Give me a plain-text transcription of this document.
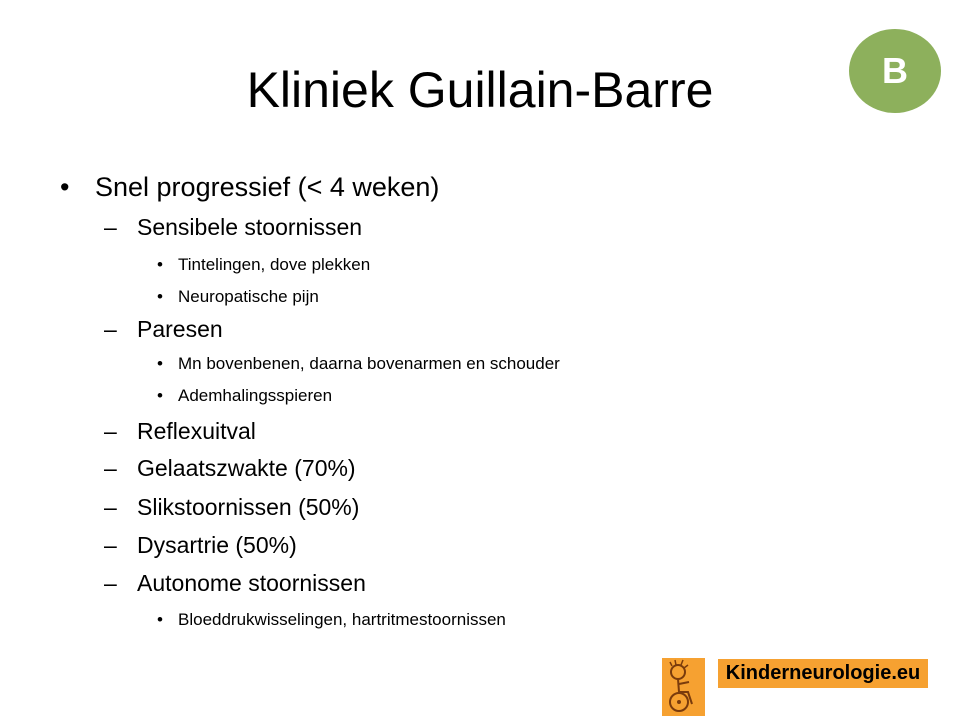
Kliniek Guillain-Barre	B
• Snel progressief (< 4 weken)
– Sensibele stoornissen
• Tintelingen, dove plekken
• Neuropatische pijn
– Paresen
• Mn bovenbenen, daarna bovenarmen en schouder
• Ademhalingsspieren
– Reflexuitval
– Gelaatszwakte (70%)
– Slikstoornissen (50%)
– Dysartrie (50%)
– Autonome stoornissen
• Bloeddrukwisselingen, hartritmestoornissen
Kinderneurologie.eu
